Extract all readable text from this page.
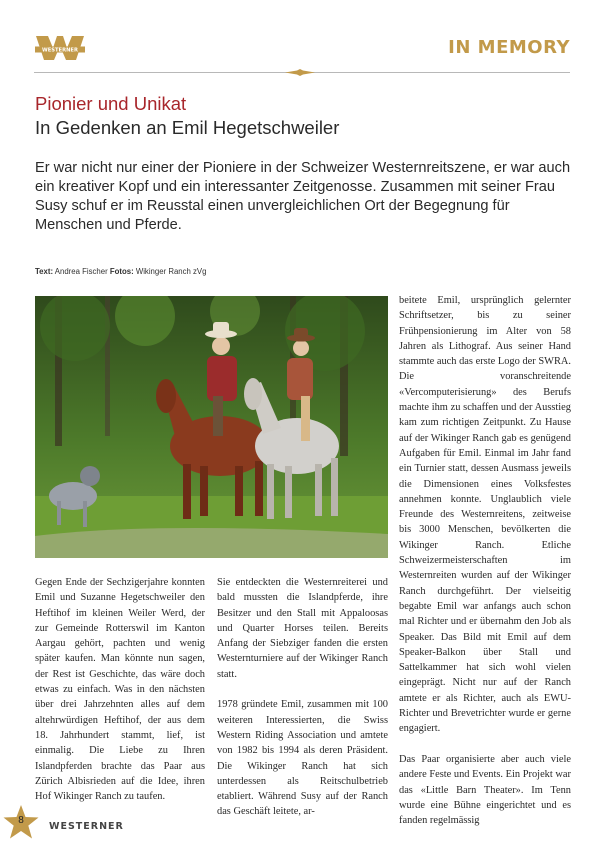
WESTERNER	IN MEMORY
Pionier und Unikat
In Gedenken an Emil Hegetschweiler
Er war nicht nur einer der Pioniere in der Schweizer Westernreitszene, er war auch ein kreativer Kopf und ein interessanter Zeitgenosse. Zusammen mit seiner Frau Susy schuf er im Reusstal einen unvergleichlichen Ort der Begegnung für Menschen und Pferde.
Text: Andrea Fischer Fotos: Wikinger Ranch zVg

Gegen Ende der Sechzigerjahre konnten Emil und Suzanne Hegetschweiler den Heftihof im kleinen Weiler Werd, der zur Gemeinde Rotterswil im Kanton Aargau gehört, pachten und wenig später kaufen. Man könnte nun sagen, der Rest ist Geschichte, das wäre doch etwas zu einfach. Was in den nächsten über drei Jahrzehnten alles auf dem altehrwürdigen Heftihof, der aus dem 18. Jahrhundert stammt, lief, ist einmalig. Die Liebe zu Ihren Islandpferden brachte das Paar aus Zürich Albisrieden auf die Idee, ihren Hof Wikinger Ranch zu taufen.

Sie entdeckten die Westernreiterei und bald mussten die Islandpferde, ihre Besitzer und den Stall mit Appaloosas und Quarter Horses teilen. Bereits Anfang der Siebziger fanden die ersten Westernturniere auf der Wikinger Ranch statt.

1978 gründete Emil, zusammen mit 100 weiteren Interessierten, die Swiss Western Riding Association und amtete von 1982 bis 1994 als deren Präsident. Die Wikinger Ranch hat sich unterdessen als Reitschulbetrieb etabliert. Während Susy auf der Ranch das Geschäft leitete, ar-

beitete Emil, ursprünglich gelernter Schriftsetzer, bis zu seiner Frühpensionierung im Alter von 58 Jahren als Lithograf. Aus seiner Hand stammte auch das erste Logo der SWRA. Die voranschreitende «Vercomputerisierung» des Berufs machte ihm zu schaffen und der Ausstieg kam zum richtigen Zeitpunkt. Zu Hause auf der Wikinger Ranch gab es genügend Aufgaben für Emil. Einmal im Jahr fand ein Turnier statt, dessen Ausmass jeweils die Dimensionen eines Volksfestes annehmen konnte. Unglaublich viele Freunde des Westernreitens, zeitweise bis 3000 Menschen, bevölkerten die Wikinger Ranch. Etliche Schweizermeisterschaften im Westernreiten wurden auf der Wikinger Ranch durchgeführt. Der vielseitig begabte Emil war anfangs auch schon mal Richter und er übernahm den Job als Speaker. Das Bild mit Emil auf dem Speaker-Balkon über Stall und Sattelkammer hat sich wohl vielen eingeprägt. Nicht nur auf der Ranch amtete er als Richter, auch als EWU-Richter und Brevetrichter wurde er gerne engagiert.

Das Paar organisierte aber auch viele andere Feste und Events. Ein Projekt war das «Little Barn Theater». Im Tenn wurde eine Bühne eingerichtet und es fanden regelmässig

8
WESTERNER
